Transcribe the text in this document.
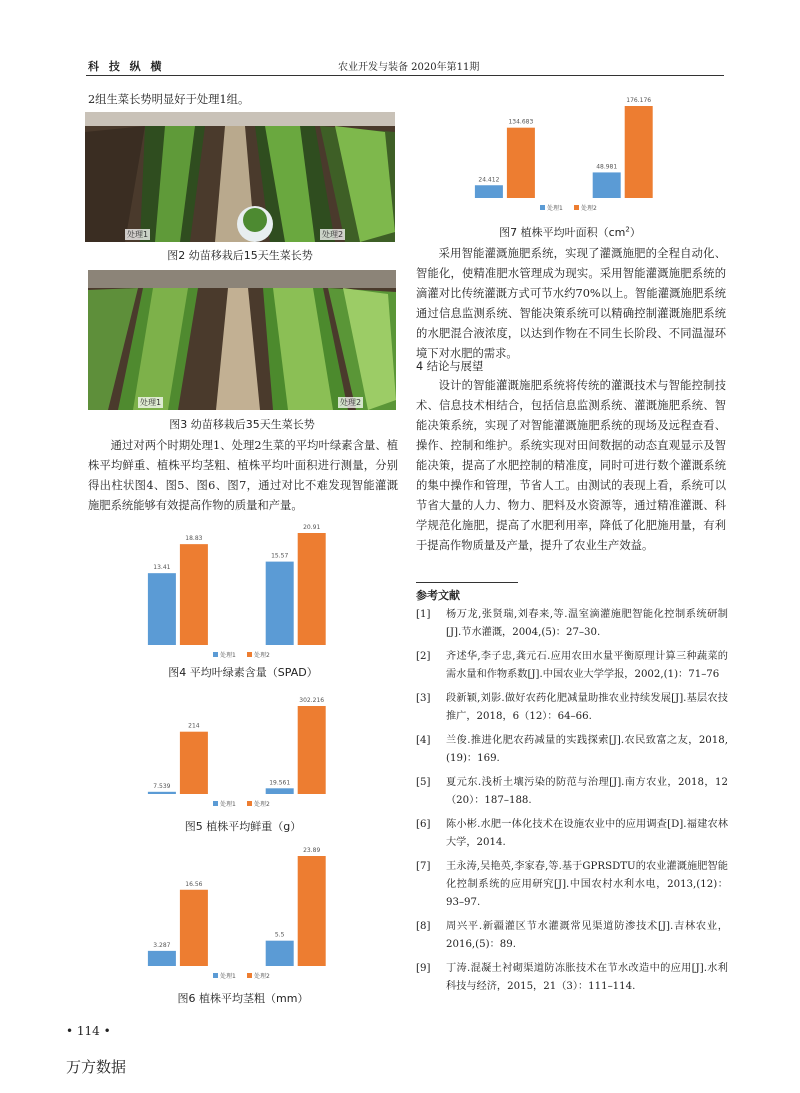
科 技 纵 横	农业开发与装备 2020年第11期

2组生菜长势明显好于处理1组。

处理1	处理2
图2 幼苗移栽后15天生菜长势
处理1	处理2
图3 幼苗移栽后35天生菜长势

通过对两个时期处理1、处理2生菜的平均叶绿素含量、植株平均鲜重、植株平均茎粗、植株平均叶面积进行测量，分别得出柱状图4、图5、图6、图7，通过对比不难发现智能灌溉施肥系统能够有效提高作物的质量和产量。

13.41
15.57
18.83
20.91
处理1	处理2
图4 平均叶绿素含量（SPAD）
7.539
19.561
214
302.216
处理1	处理2
图5 植株平均鲜重（g）
3.287
5.5
16.56
23.89
处理1	处理2
图6 植株平均茎粗（mm）
24.412
48.981
134.683
176.176
处理1	处理2
图7 植株平均叶面积$(cm^2)$

采用智能灌溉施肥系统，实现了灌溉施肥的全程自动化、智能化，使精准肥水管理成为现实。采用智能灌溉施肥系统的滴灌对比传统灌溉方式可节水约70%以上。智能灌溉施肥系统通过信息监测系统、智能决策系统可以精确控制灌溉施肥系统的水肥混合液浓度，以达到作物在不同生长阶段、不同温湿环境下对水肥的需求。

4 结论与展望

设计的智能灌溉施肥系统将传统的灌溉技术与智能控制技术、信息技术相结合，包括信息监测系统、灌溉施肥系统、智能决策系统，实现了对智能灌溉施肥系统的现场及远程查看、操作、控制和维护。系统实现对田间数据的动态直观显示及智能决策，提高了水肥控制的精准度，同时可进行数个灌溉系统的集中操作和管理，节省人工。由测试的表现上看，系统可以节省大量的人力、物力、肥料及水资源等，通过精准灌溉、科学规范化施肥，提高了水肥利用率，降低了化肥施用量，有利于提高作物质量及产量，提升了农业生产效益。

参考文献
[1]	杨万龙,张贤瑞,刘春来,等.温室滴灌施肥智能化控制系统研制[J].节水灌溉，2004,(5)：27–30.
[2]	齐述华,李子忠,龚元石.应用农田水量平衡原理计算三种蔬菜的需水量和作物系数[J].中国农业大学学报，2002,(1)：71–76
[3]	段新颖,刘影.做好农药化肥减量助推农业持续发展[J].基层农技推广，2018，6（12）：64–66.
[4]	兰俊.推进化肥农药减量的实践探索[J].农民致富之友，2018,(19)：169.
[5]	夏元东.浅析土壤污染的防范与治理[J].南方农业，2018，12（20）：187–188.
[6]	陈小彬.水肥一体化技术在设施农业中的应用调查[D].福建农林大学，2014.
[7]	王永涛,吴艳英,李家春,等.基于GPRSDTU的农业灌溉施肥智能化控制系统的应用研究[J].中国农村水利水电，2013,(12)：93–97.
[8]	周兴平.新疆灌区节水灌溉常见渠道防渗技术[J].吉林农业，2016,(5)：89.
[9]	丁涛.混凝土衬砌渠道防冻胀技术在节水改造中的应用[J].水利科技与经济，2015，21（3）：111–114.
• 114 •
万方数据
